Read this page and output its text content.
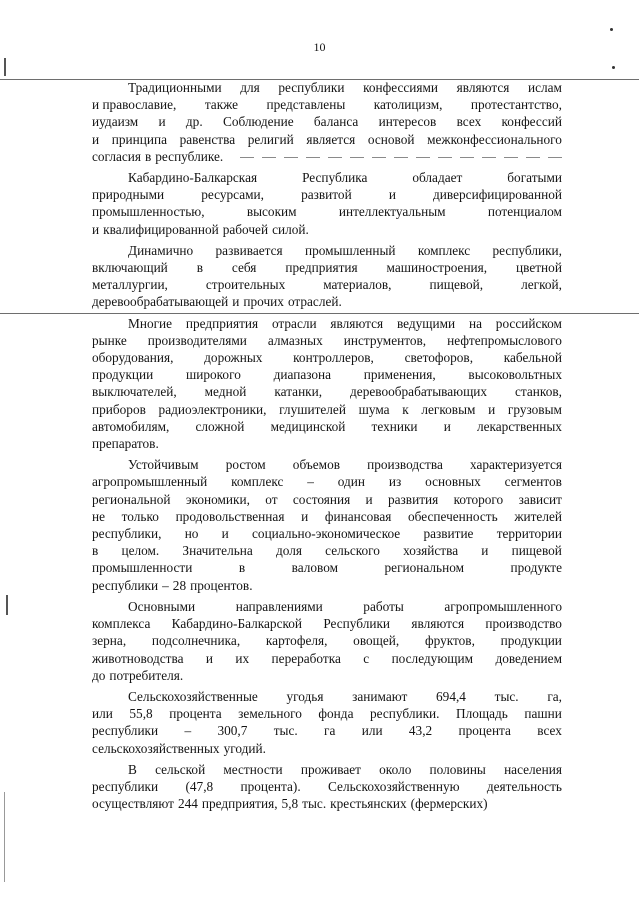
10
Традиционными для республики конфессиями являются ислам
и православие, также представлены католицизм, протестантство,
иудаизм и др. Соблюдение баланса интересов всех конфессий
и принципа равенства религий является основой межконфессионального
согласия в республике.
Кабардино-Балкарская	Республика	обладает	богатыми
природными	ресурсами,	развитой	и	диверсифицированной
промышленностью,	высоким	интеллектуальным	потенциалом
и квалифицированной рабочей силой.
Динамично развивается промышленный комплекс республики,
включающий в себя предприятия машиностроения, цветной
металлургии,	строительных	материалов,	пищевой,	легкой,
деревообрабатывающей и прочих отраслей.
Многие предприятия отрасли являются ведущими на российском
рынке производителями алмазных инструментов, нефтепромыслового
оборудования, дорожных контроллеров, светофоров, кабельной
продукции широкого диапазона применения, высоковольтных
выключателей, медной катанки, деревообрабатывающих станков,
приборов радиоэлектроники, глушителей шума к легковым и грузовым
автомобилям, сложной медицинской техники и лекарственных
препаратов.
Устойчивым ростом объемов производства характеризуется
агропромышленный комплекс – один из основных сегментов
региональной экономики, от состояния и развития которого зависит
не только продовольственная и финансовая обеспеченность жителей
республики, но и социально-экономическое развитие территории
в целом. Значительна доля сельского хозяйства и пищевой
промышленности	в	валовом	региональном	продукте
республики – 28 процентов.
Основными	направлениями	работы	агропромышленного
комплекса Кабардино-Балкарской Республики являются производство
зерна, подсолнечника, картофеля, овощей, фруктов, продукции
животноводства и их переработка с последующим доведением
до потребителя.
Сельскохозяйственные угодья занимают 694,4 тыс. га,
или 55,8 процента земельного фонда республики. Площадь пашни
республики – 300,7 тыс. га или 43,2 процента всех
сельскохозяйственных угодий.
В сельской местности проживает около половины населения
республики (47,8 процента). Сельскохозяйственную деятельность
осуществляют 244 предприятия, 5,8 тыс. крестьянских (фермерских)
